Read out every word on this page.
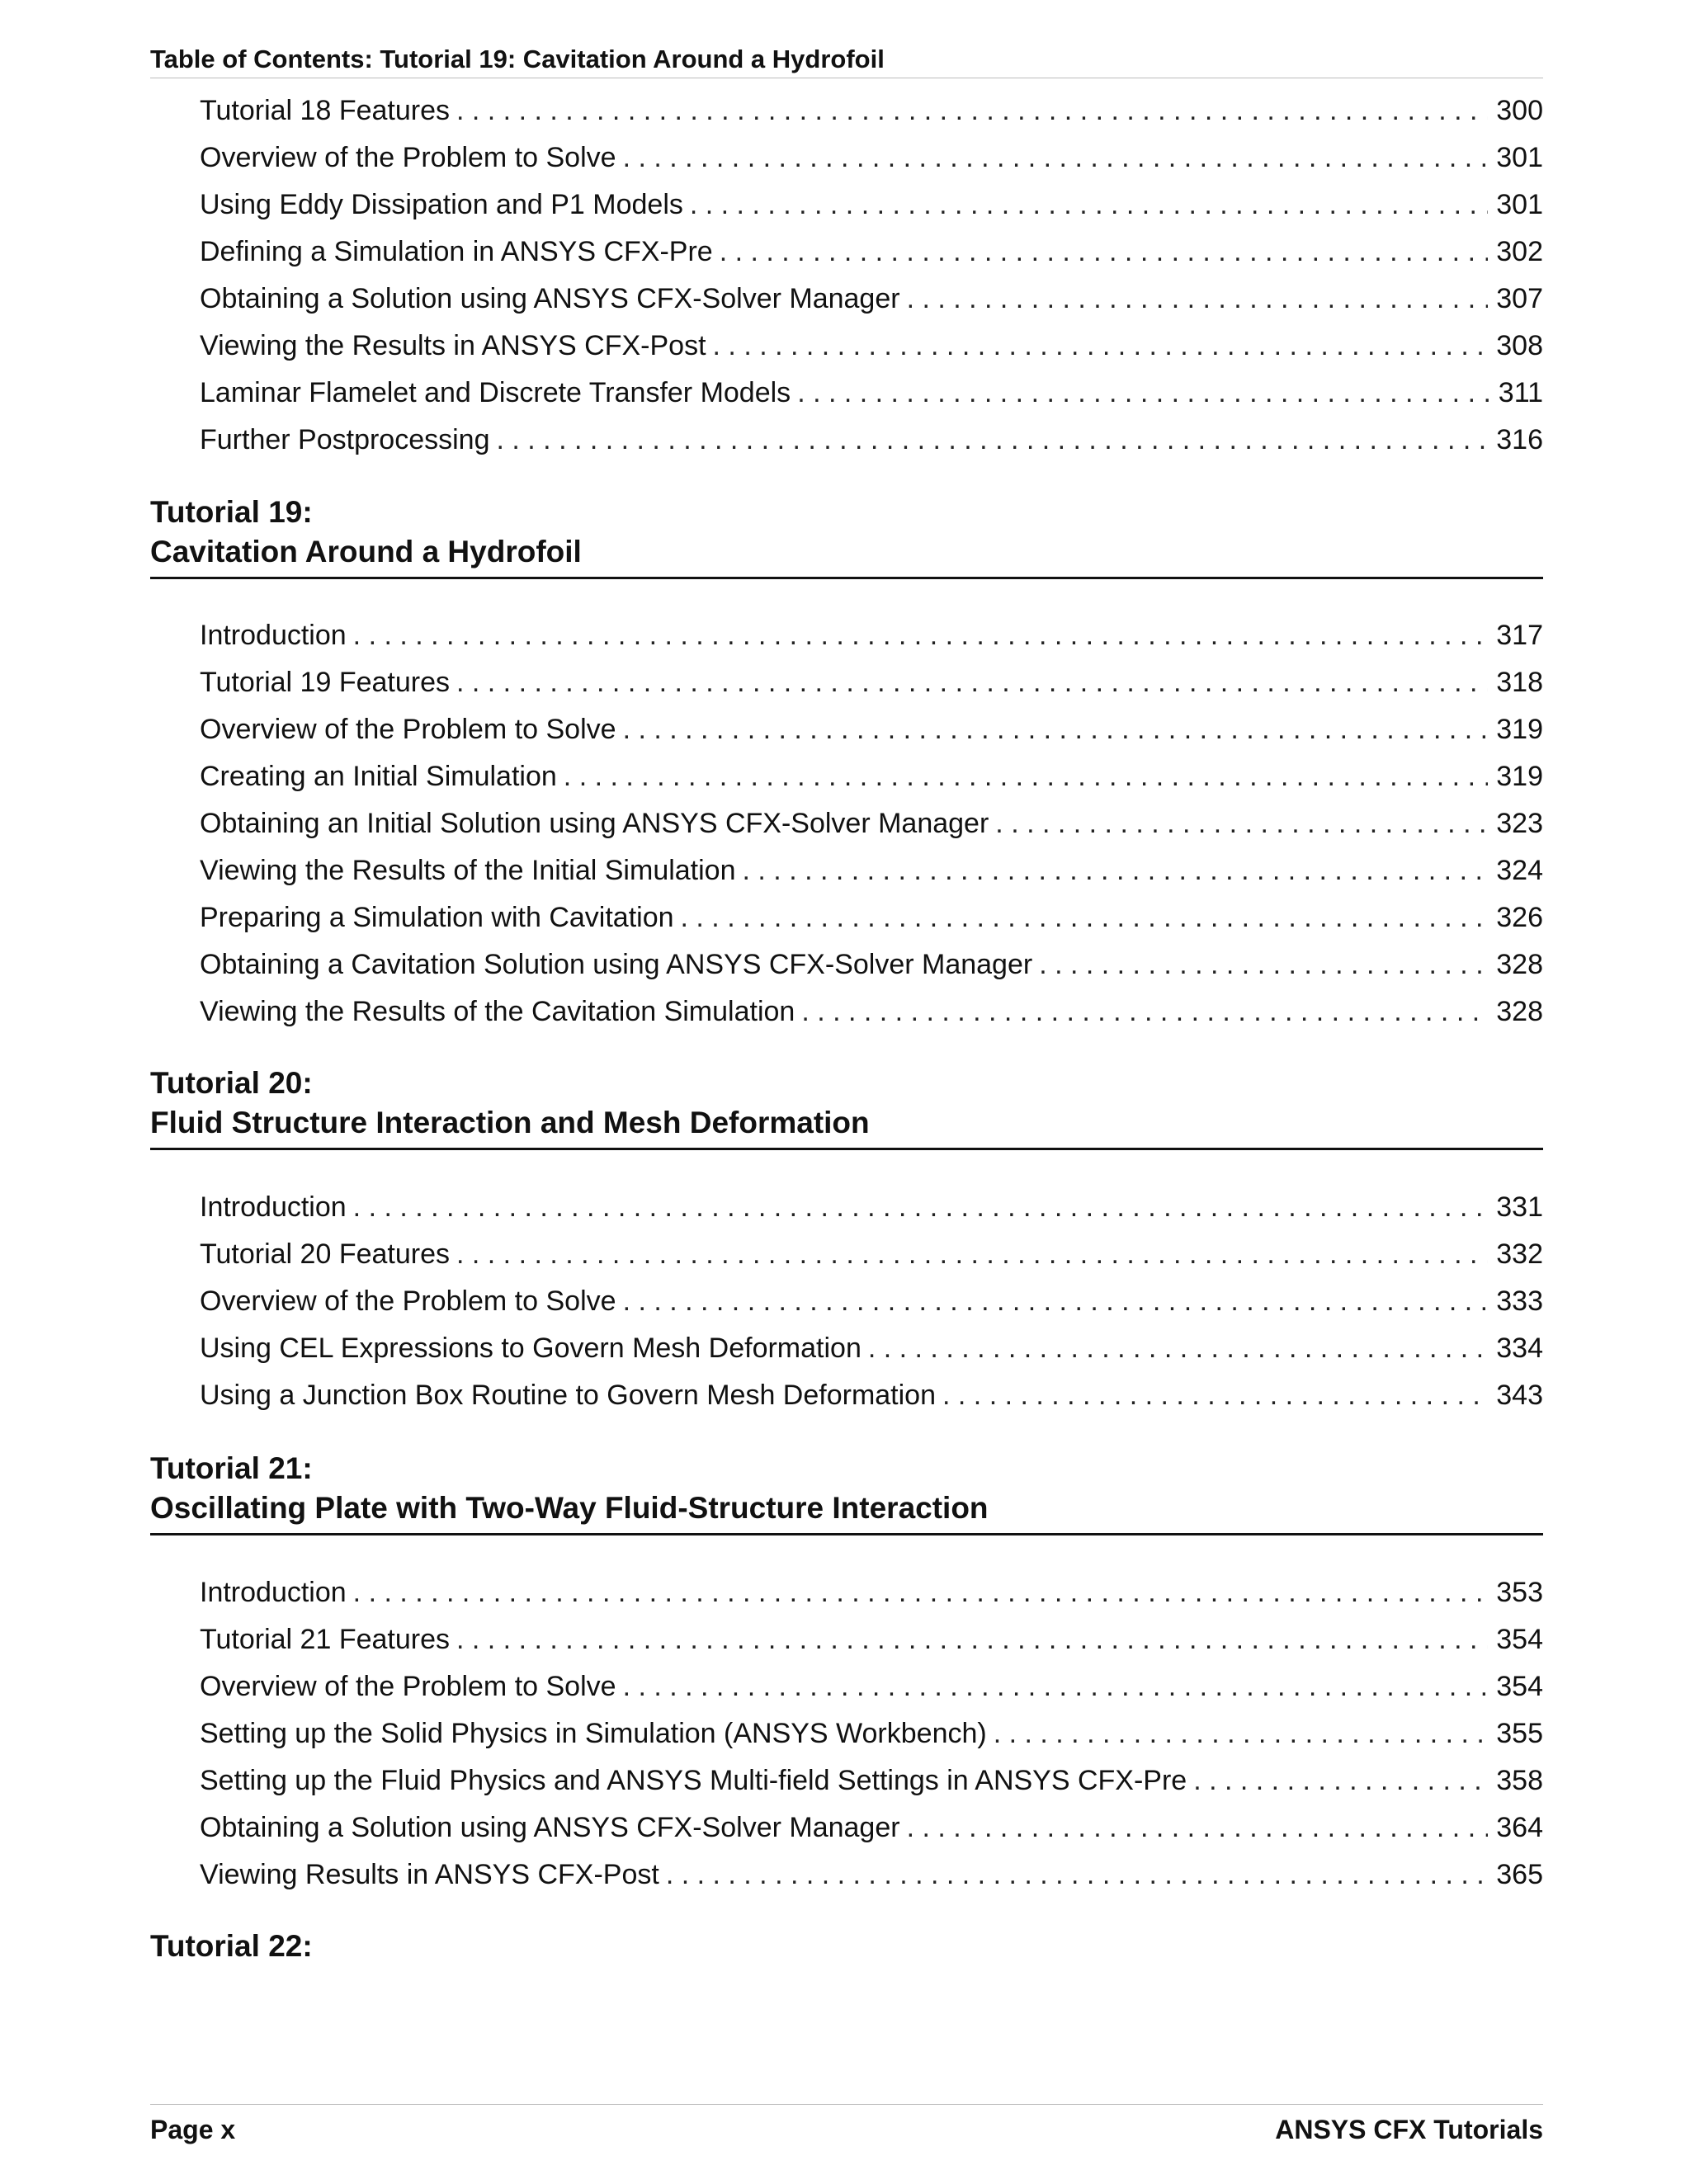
Table of Contents: Tutorial 19: Cavitation Around a Hydrofoil
Tutorial 18 Features . . .	300
Overview of the Problem to Solve . . .	301
Using Eddy Dissipation and P1 Models . . .	301
Defining a Simulation in ANSYS CFX-Pre . . .	302
Obtaining a Solution using ANSYS CFX-Solver Manager . . .	307
Viewing the Results in ANSYS CFX-Post . . .	308
Laminar Flamelet and Discrete Transfer Models . . .	311
Further Postprocessing . . .	316
Tutorial 19:
Cavitation Around a Hydrofoil
Introduction . . .	317
Tutorial 19 Features . . .	318
Overview of the Problem to Solve . . .	319
Creating an Initial Simulation . . .	319
Obtaining an Initial Solution using ANSYS CFX-Solver Manager . . .	323
Viewing the Results of the Initial Simulation . . .	324
Preparing a Simulation with Cavitation . . .	326
Obtaining a Cavitation Solution using ANSYS CFX-Solver Manager . . .	328
Viewing the Results of the Cavitation Simulation . . .	328
Tutorial 20:
Fluid Structure Interaction and Mesh Deformation
Introduction . . .	331
Tutorial 20 Features . . .	332
Overview of the Problem to Solve . . .	333
Using CEL Expressions to Govern Mesh Deformation . . .	334
Using a Junction Box Routine to Govern Mesh Deformation . . .	343
Tutorial 21:
Oscillating Plate with Two-Way Fluid-Structure Interaction
Introduction . . .	353
Tutorial 21 Features . . .	354
Overview of the Problem to Solve . . .	354
Setting up the Solid Physics in Simulation (ANSYS Workbench) . . .	355
Setting up the Fluid Physics and ANSYS Multi-field Settings in ANSYS CFX-Pre . . .	358
Obtaining a Solution using ANSYS CFX-Solver Manager . . .	364
Viewing Results in ANSYS CFX-Post . . .	365
Tutorial 22:
Page x	ANSYS CFX Tutorials
